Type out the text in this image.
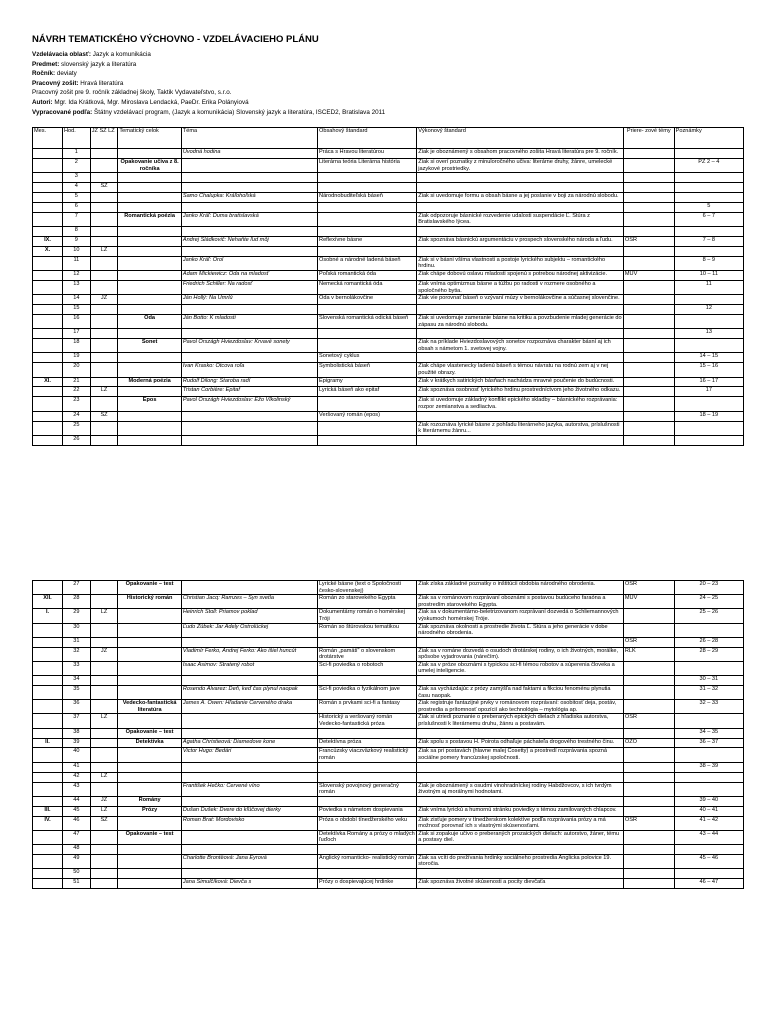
NÁVRH TEMATICKÉHO VÝCHOVNO - VZDELÁVACIEHO PLÁNU
Vzdelávacia oblasť: Jazyk a komunikácia
Predmet: slovenský jazyk a literatúra
Ročník: deviaty
Pracovný zošit: Hravá literatúra
Pracovný zošit pre 9. ročník základnej školy, Taktik Vydavateľstvo, s.r.o.
Autori: Mgr. Ida Krátková, Mgr. Miroslava Lendacká, PaeDr. Erika Polányiová
Vypracované podľa: Štátny vzdelávací program, (Jazyk a komunikácia) Slovenský jazyk a literatúra, ISCED2, Bratislava 2011
Mes.	Hod.	JZ SZ LZ	Tematický celok	Téma	Obsahový štandard	Výkonový štandard	Priere- zové témy	Poznámky
	1			Úvodná hodina	Práca s Hravou literatúrou	Žiak je oboznámený s obsahom pracovného zošita Hravá literatúra pre 9. ročník.		
	2		Opakovanie učiva z 8. ročníka		Literárna teória Literárna história	Žiak si overí poznatky z minuloročného učiva: literárne druhy, žánre, umelecké jazykové prostriedky.		PZ 2 – 4
	3							
	4	SZ						
	5			Samo Chalupka: Kráľohoľská	Národnobuditeľská báseň	Žiak si uvedomuje formu a obsah básne a jej poslanie v boji za národnú slobodu.		
	6							5
	7		Romantická poézia	Janko Kráľ: Duma bratislavská		Žiak odpozoruje básnické rozvedenie udalosti suspendácie Ľ. Štúra z Bratislavského lýcea.		6 – 7
	8							
IX.	9			Andrej Sládkovič: Nehaňte ľud môj	Reflexívne básne	Žiak spoznáva básnickú argumentáciu v prospech slovenského národa a ľudu.	OSR	7 – 8
X.	10	LZ						
	11			Janko Kráľ: Orol	Osobné a národné ladená báseň	Žiak si v básni všíma vlastnosti a postoje lyrického subjektu – romantického hrdinu.		8 – 9
	12			Adam Mickiewicz: Óda na mladosť	Poľská romantická óda	Žiak chápe dobovú oslavu mladosti spojenú s potrebou národnej aktivizácie.	MUV	10 – 11
	13			Friedrich Schiller: Na radosť	Nemecká romantická óda	Žiak vníma optimizmus básne a túžbu po radosti v rozmere osobného a spoločného bytia.		11
	14	JZ		Ján Hollý: Na Umrlú	Óda v bernolákovčine	Žiak vie porovnať báseň o vzývaní múzy v bernolákovčine a súčasnej slovenčine.		
	15							12
	16		Óda	Ján Botto: K mladosti	Slovenská romantická odická báseň	Žiak si uvedomuje zameranie básne na kritiku a povzbudenie mladej generácie do zápasu za národnú slobodu.		
	17							13
	18		Sonet	Pavol Országh Hviezdoslav: Krvavé sonety		Žiak na príklade Hviezdoslavových sonetov rozpoznáva charakter básní aj ich obsah s námetom 1. svetovej vojny.		
	19				Sonetový cyklus			14 – 15
	20			Ivan Krasko: Otcova roľa	Symbolistická báseň	Žiak chápe vlastenecky ladenú báseň s témou návratu na rodnú zem aj v nej použité obrazy.		15 – 16
XI.	21		Moderná poézia	Rudolf Dilong: Staroba radí	Epigramy	Žiak v krátkych satirických básňach nachádza mravné poučenie do budúcnosti.		16 – 17
	22	LZ		Tristan Corbière: Epitaf	Lyrická báseň ako epitaf	Žiak spoznáva osobnosť lyrického hrdinu prostredníctvom jeho životného odkazu.		17
	23		Epos	Pavol Országh Hviezdoslav: Ežo Vlkolinský		Žiak si uvedomuje základný konflikt epického skladby – básnického rozprávania: rozpor zemianstva a sedliactva.		
	24	SZ			Veršovaný román (epos)			18 – 19
	25					Žiak rozoznáva lyrické básne z pohľadu literárneho jazyka, autorstva, príslušnosti k literárnemu žánru...		
	26							
	27		Opakovanie – test		Lyrické básne (text o Spoločnosti česko-slovenskej)	Žiak získa základné poznatky o inštitúcii obdobia národného obrodenia.	OSR	20 – 23
XII.	28		Historický román	Christian Jacq: Ramzes – Syn svetla	Román zo starovekého Egypta	Žiak sa v románovom rozprávaní oboznámi s postavou budúceho faraóna a prostredím starovekého Egypta.	MUV	24 – 25
I.	29	LZ		Heinrich Stoll: Priamov poklad	Dokumentárny román o homérskej Tróji	Žiak sa v dokumentárno-beletrizovanom rozprávaní dozvedá o Schliemannových výskumoch homérskej Tróje.		25 – 26
	30			Ľudo Zúbek: Jar Adely Ostrolúckej	Román so štúrovskou tematikou	Žiak spoznáva okolnosti a prostredie života Ľ. Štúra a jeho generácie v dobe národného obrodenia.		
	31						OSR	26 – 28
	32	JZ		Vladimír Ferko, Andrej Ferko: Ako išiel huncút	Román „pamätí“ o slovenskom drotárstve	Žiak sa v románe dozvedá o osudoch drotárskej rodiny, o ich životných, morálke, spôsobe vyjadrovania (nárečím).	RLK	28 – 29
	33			Isaac Asimov: Stratený robot	Sci-fi poviedka o robotoch	Žiak sa v próze oboznámi s typickou sci-fi témou robotov a súperenia človeka a umelej inteligencie.		
	34							30 – 31
	35			Rosendo Álvarez: Deň, keď čas plynul naopak	Sci-fi poviedka o fyzikálnom jave	Žiak sa vycházdajúc z prózy zamýšľa nad faktami a fikciou fenoménu plynutia času naopak.		31 – 32
	36		Vedecko-fantastická literatúra	James A. Owen: Hľadanie Červeného draka	Román s prvkami sci-fi a fantasy	Žiak registruje fantazijné prvky v románovom rozprávaní: osobitosť deja, postáv, prostredia a prítomnosť opozícií ako technológia – mytológia ap.		32 – 33
	37	LZ			Historický a veršovaný román Vedecko-fantastická próza	Žiak si utriedi poznanie o preberaných epických dielach z hľadiska autorstva, príslušnosti k literárnemu druhu, žánru a postavám.	OSR	
	38		Opakovanie – test					34 – 35
II.	39		Detektívka	Agatha Christieová: Diamedove kone	Detektívna próza	Žiak spolu s postavou H. Poirota odhaľuje páchateľa drogového trestného činu.	OZO	36 – 37
	40			Victor Hugo: Bedári	Francúzsky viaczväzkový realistický román	Žiak sa pri postavách (hlavne malej Cosetty) a prostredí rozprávania spozná sociálne pomery francúzskej spoločnosti.		
	41							38 – 39
	42	LZ						
	43			František Hečko: Červené víno	Slovenský povojnový generačný román	Žiak je oboznámený s osudmi vinohradníckej rodiny Habdžovcov, s ich tvrdým životným aj morálnymi hodnotami.		
	44	JZ	Romány					39 – 40
III.	45	LZ	Prózy	Dušan Dušek: Dvere do kľúčovej dierky	Poviedka s námetom dospievania	Žiak vníma lyrickú a humornú stránku poviedky s témou zamilovaných chlapcov.		40 – 41
IV.	46	SZ		Roman Brat: Mordovisko	Próza o období tínedžerského veku	Žiak zisťuje pomery v tínedžerskom kolektíve podľa rozprávania prózy a má možnosť porovnať ich s vlastnými skúsenosťami.	OSR	41 – 42
	47		Opakovanie – test		Detektívka Romány a prózy o mladých ľuďoch	Žiak si zopakuje učivo o preberaných prozaických dielach: autorstvo, žáner, tému a postavy diel.		43 – 44
	48							
	49			Charlotte Brontëová: Jana Eyrová	Anglický romanticko- realistický román	Žiak sa vcíti do prežívania hrdinky sociálneho prostredia Anglicka polovice 19. storočia.		45 – 46
	50							
	51			Jana Šimulčíková: Dievča s	Prózy o dospievajúcej hrdinke	Žiak spoznáva životné skúsenosti a pocity dievčaťa		46 – 47
